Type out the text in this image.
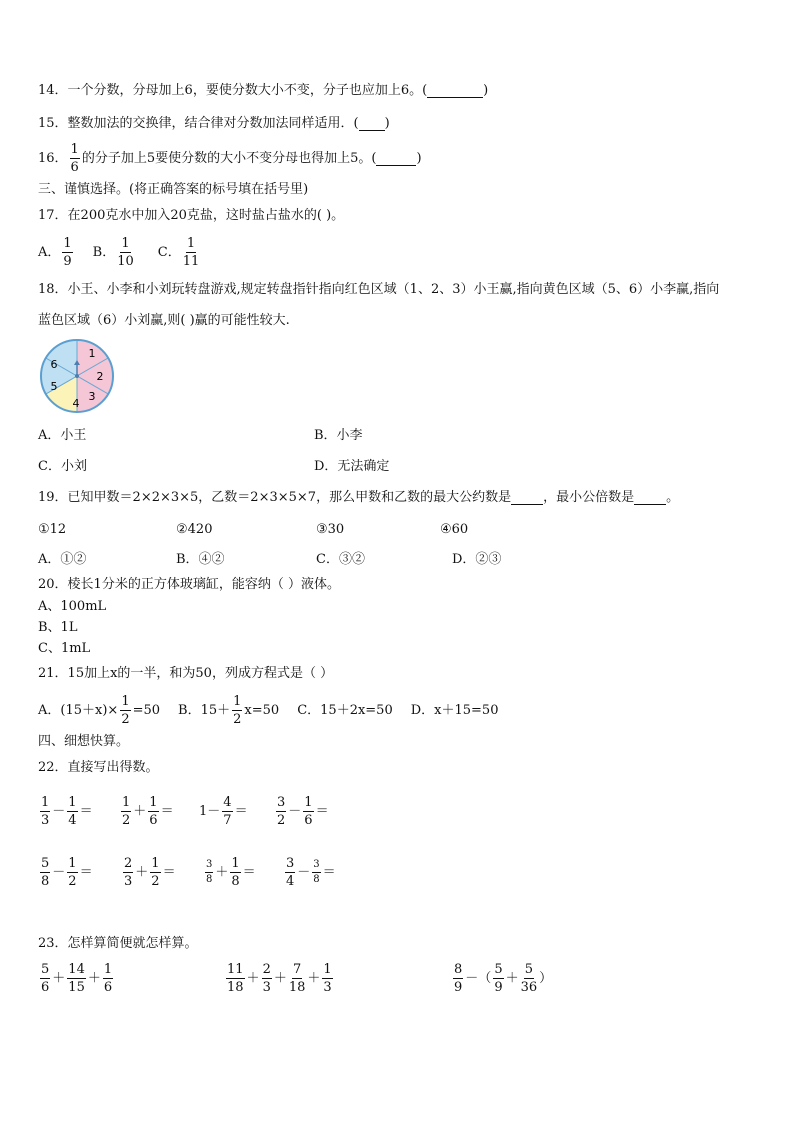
14．一个分数，分母加上6，要使分数大小不变，分子也应加上6。(	)
15．整数加法的交换律，结合律对分数加法同样适用．( )
16． $\frac{1}{6}$ 的分子加上5要使分数的大小不变分母也得加上5。(
	)
三、谨慎选择。(将正确答案的标号填在括号里)
17．在200克水中加入20克盐，这时盐占盐水的( )。
A． $\frac{1}{9}$ B． $\frac{1}{10}$ C． $\frac{1}{11}$
18．小王、小李和小刘玩转盘游戏,规定转盘指针指向红色区域（1、2、3）小王赢,指向黄色区域（5、6）小李赢,指向
蓝色区域（6）小刘赢,则( )赢的可能性较大.
1
2
3
4
5
6
A．小王	B．小李
C．小刘	D．无法确定
19．已知甲数＝2×2×3×5，乙数＝2×3×5×7，那么甲数和乙数的最大公约数是 ，最小公倍数是 。
①12	②420	③30	④60
A．①②	B．④②	C．③②	D．②③
20．棱长1分米的正方体玻璃缸，能容纳（ ）液体。
A、100mL
B、1L
C、1mL
21．15加上x的一半，和为50，列成方程式是（ ）
A．$(15+x)\times \frac{1}{2} =50$ B．$15+ \frac{1}{2} x=50$ C．15＋2x=50 D．x＋15=50
四、细想快算。
22．直接写出得数。
$\frac{1}{3} - \frac{1}{4} = \frac{1}{2} + \frac{1}{6} = 1 - \frac{4}{7} = \frac{3}{2} - \frac{1}{6}$ ＝
$\frac{5}{8} - \frac{1}{2} = \frac{2}{3} + \frac{1}{2}$ ＝	$\frac{3}{8} + \frac{1}{8} = \frac{3}{4} - \frac{3}{8}$ ＝
23．怎样算简便就怎样算。
$\frac{5}{6} + \frac{14}{15} + \frac{1}{6}$	$\frac{11}{18} + \frac{2}{3} + \frac{7}{18} + \frac{1}{3}$	$\frac{8}{9}$ － （ $\frac{5}{9} + \frac{5}{36}$ ）
